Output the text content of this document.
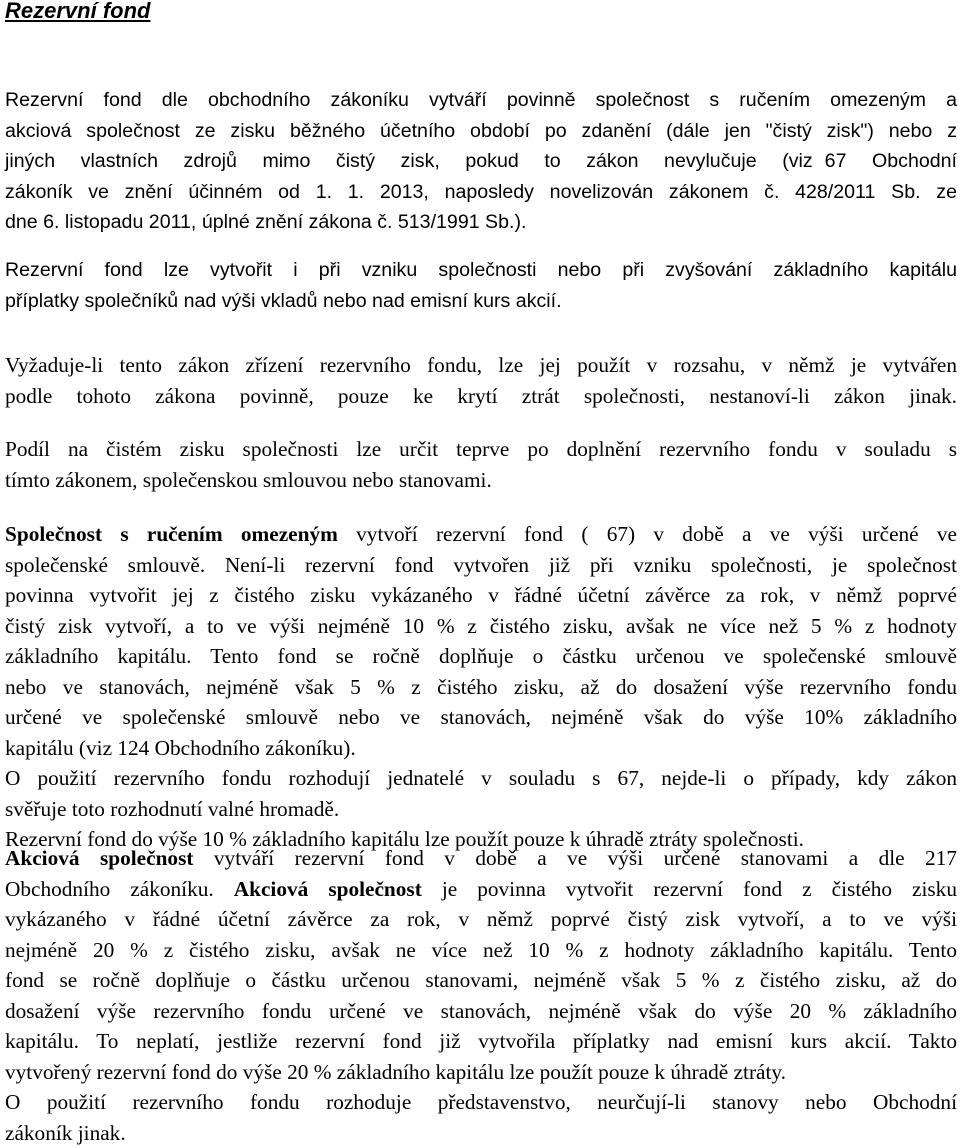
Rezervní fond
Rezervní fond dle obchodního zákoníku vytváří povinně společnost s ručením omezeným a
akciová společnost ze zisku běžného účetního období po zdanění (dále jen "čistý zisk") nebo z
jiných vlastních zdrojů mimo čistý zisk, pokud to zákon nevylučuje (viz 67 Obchodní
zákoník ve znění účinném od 1. 1. 2013, naposledy novelizován zákonem č. 428/2011 Sb. ze
dne 6. listopadu 2011, úplné znění zákona č. 513/1991 Sb.).
Rezervní fond lze vytvořit i při vzniku společnosti nebo při zvyšování základního kapitálu
příplatky společníků nad výši vkladů nebo nad emisní kurs akcií.
Vyžaduje-li tento zákon zřízení rezervního fondu, lze jej použít v rozsahu, v němž je vytvářen
podle tohoto zákona povinně, pouze ke krytí ztrát společnosti, nestanoví-li zákon jinak.
Podíl na čistém zisku společnosti lze určit teprve po doplnění rezervního fondu v souladu s
tímto zákonem, společenskou smlouvou nebo stanovami.
Společnost s ručením omezeným vytvoří rezervní fond ( 67) v době a ve výši určené ve
společenské smlouvě. Není-li rezervní fond vytvořen již při vzniku společnosti, je společnost
povinna vytvořit jej z čistého zisku vykázaného v řádné účetní závěrce za rok, v němž poprvé
čistý zisk vytvoří, a to ve výši nejméně 10 % z čistého zisku, avšak ne více než 5 % z hodnoty
základního kapitálu. Tento fond se ročně doplňuje o částku určenou ve společenské smlouvě
nebo ve stanovách, nejméně však 5 % z čistého zisku, až do dosažení výše rezervního fondu
určené ve společenské smlouvě nebo ve stanovách, nejméně však do výše 10% základního
kapitálu (viz 124 Obchodního zákoníku).
O použití rezervního fondu rozhodují jednatelé v souladu s 67, nejde-li o případy, kdy zákon
svěřuje toto rozhodnutí valné hromadě.
Rezervní fond do výše 10 % základního kapitálu lze použít pouze k úhradě ztráty společnosti.
Akciová společnost vytváří rezervní fond v době a ve výši určené stanovami a dle 217
Obchodního zákoníku. Akciová společnost je povinna vytvořit rezervní fond z čistého zisku
vykázaného v řádné účetní závěrce za rok, v němž poprvé čistý zisk vytvoří, a to ve výši
nejméně 20 % z čistého zisku, avšak ne více než 10 % z hodnoty základního kapitálu. Tento
fond se ročně doplňuje o částku určenou stanovami, nejméně však 5 % z čistého zisku, až do
dosažení výše rezervního fondu určené ve stanovách, nejméně však do výše 20 % základního
kapitálu. To neplatí, jestliže rezervní fond již vytvořila příplatky nad emisní kurs akcií. Takto
vytvořený rezervní fond do výše 20 % základního kapitálu lze použít pouze k úhradě ztráty.
O použití rezervního fondu rozhoduje představenstvo, neurčují-li stanovy nebo Obchodní
zákoník jinak.
